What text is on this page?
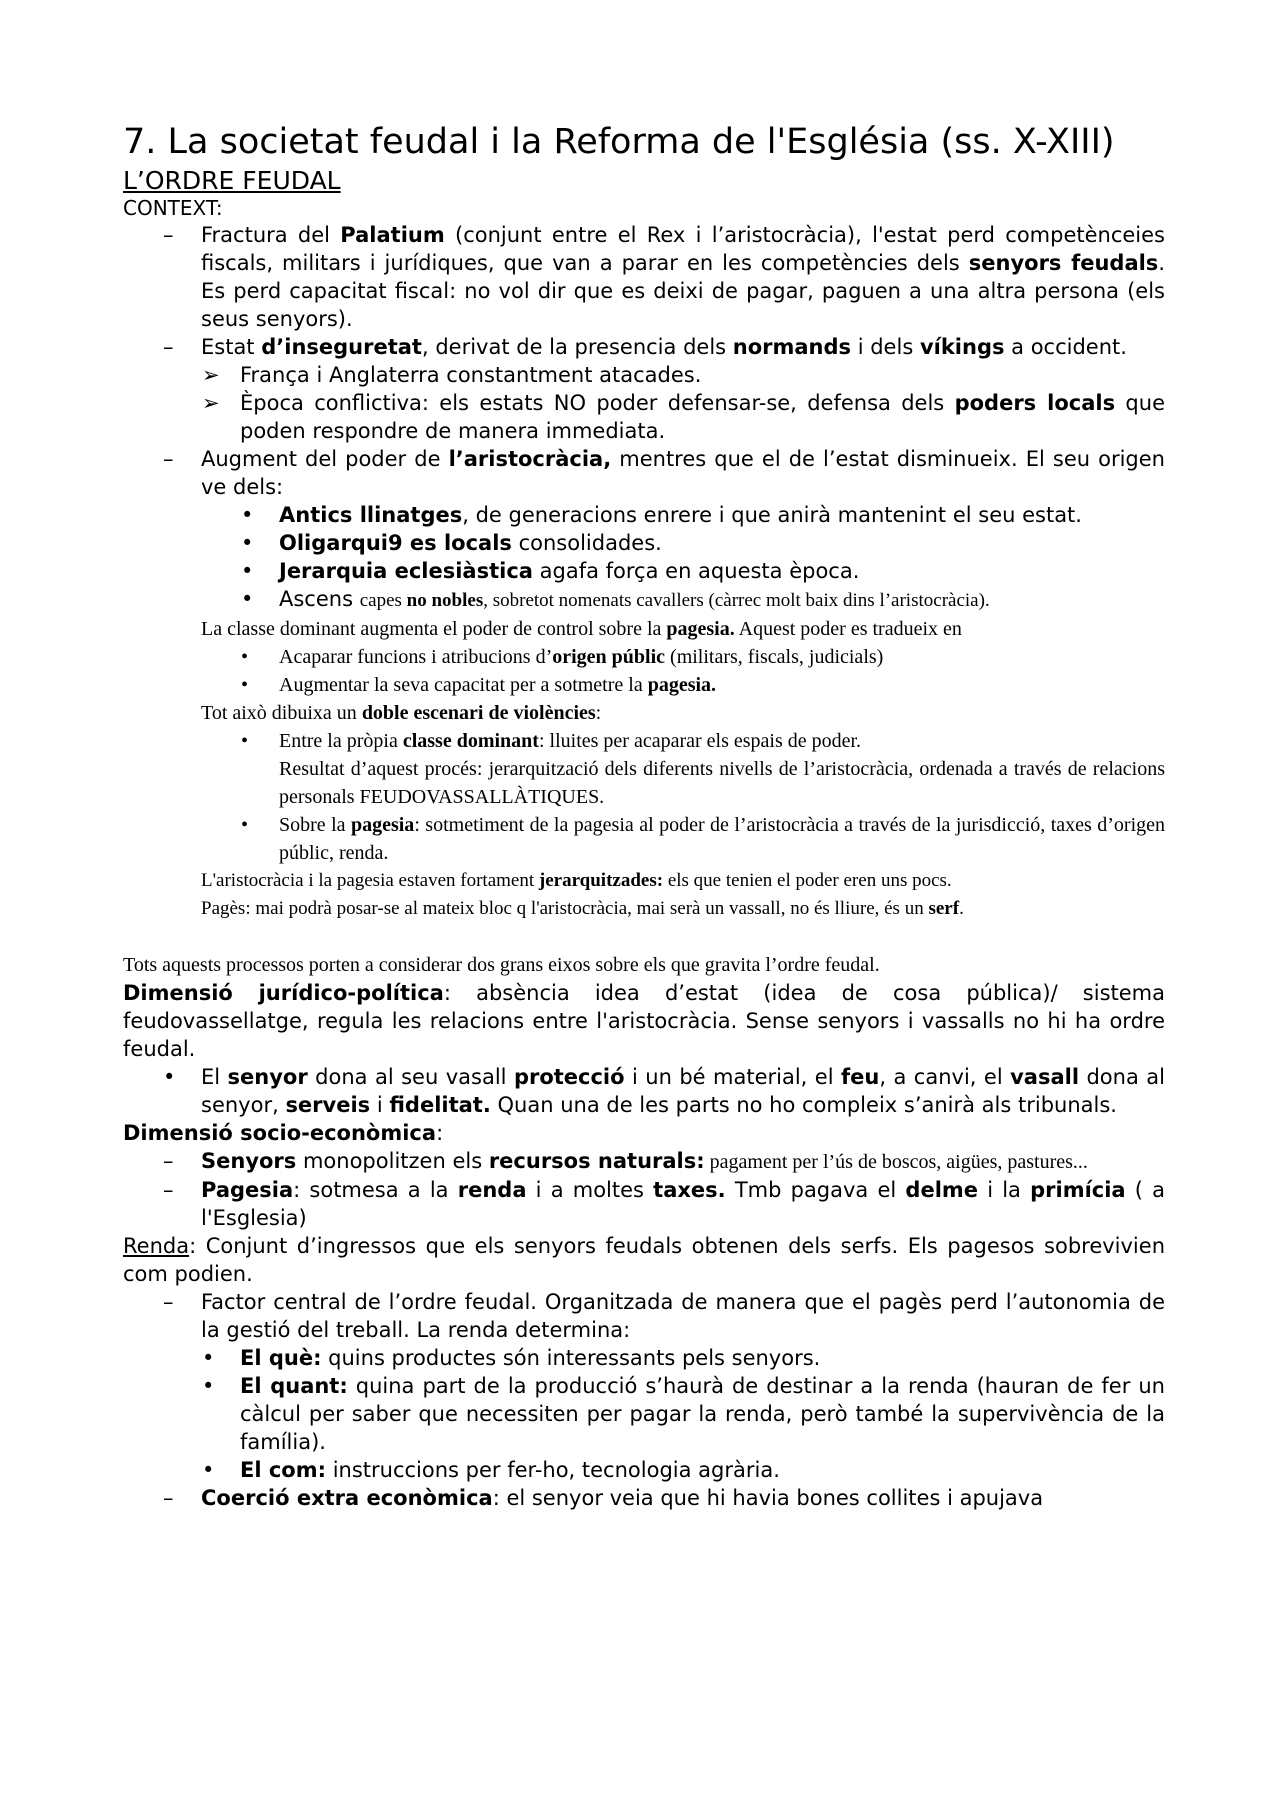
7. La societat feudal i la Reforma de l'Església (ss. X-XIII)
L’ORDRE FEUDAL
CONTEXT:
– Fractura del Palatium (conjunt entre el Rex i l’aristocràcia), l'estat perd competènceies fiscals, militars i jurídiques, que van a parar en les competències dels senyors feudals. Es perd capacitat fiscal: no vol dir que es deixi de pagar, paguen a una altra persona (els seus senyors).
– Estat d’inseguretat, derivat de la presencia dels normands i dels víkings a occident.
➢ França i Anglaterra constantment atacades.
➢ Època conflictiva: els estats NO poder defensar-se, defensa dels poders locals que poden respondre de manera immediata.
– Augment del poder de l’aristocràcia, mentres que el de l’estat disminueix. El seu origen ve dels:
• Antics llinatges, de generacions enrere i que anirà mantenint el seu estat.
• Oligarqui9 es locals consolidades.
• Jerarquia eclesiàstica agafa força en aquesta època.
• Ascens capes no nobles, sobretot nomenats cavallers (càrrec molt baix dins l’aristocràcia).
La classe dominant augmenta el poder de control sobre la pagesia. Aquest poder es tradueix en
• Acaparar funcions i atribucions d’origen públic (militars, fiscals, judicials)
• Augmentar la seva capacitat per a sotmetre la pagesia.
Tot això dibuixa un doble escenari de violències:
• Entre la pròpia classe dominant: lluites per acaparar els espais de poder.
Resultat d’aquest procés: jerarquització dels diferents nivells de l’aristocràcia, ordenada a través de relacions personals FEUDOVASSALLÀTIQUES.
• Sobre la pagesia: sotmetiment de la pagesia al poder de l’aristocràcia a través de la jurisdicció, taxes d’origen públic, renda.
L'aristocràcia i la pagesia estaven fortament jerarquitzades: els que tenien el poder eren uns pocs.
Pagès: mai podrà posar-se al mateix bloc q l'aristocràcia, mai serà un vassall, no és lliure, és un serf.
Tots aquests processos porten a considerar dos grans eixos sobre els que gravita l’ordre feudal.
Dimensió jurídico-política: absència idea d’estat (idea de cosa pública)/ sistema feudovassellatge, regula les relacions entre l'aristocràcia. Sense senyors i vassalls no hi ha ordre feudal.
• El senyor dona al seu vasall protecció i un bé material, el feu, a canvi, el vasall dona al senyor, serveis i fidelitat. Quan una de les parts no ho compleix s’anirà als tribunals.
Dimensió socio-econòmica:
– Senyors monopolitzen els recursos naturals: pagament per l’ús de boscos, aigües, pastures...
– Pagesia: sotmesa a la renda i a moltes taxes. Tmb pagava el delme i la primícia ( a l'Esglesia)
Renda: Conjunt d’ingressos que els senyors feudals obtenen dels serfs. Els pagesos sobrevivien com podien.
– Factor central de l’ordre feudal. Organitzada de manera que el pagès perd l’autonomia de la gestió del treball. La renda determina:
• El què: quins productes són interessants pels senyors.
• El quant: quina part de la producció s’haurà de destinar a la renda (hauran de fer un càlcul per saber que necessiten per pagar la renda, però també la supervivència de la família).
• El com: instruccions per fer-ho, tecnologia agrària.
– Coerció extra econòmica: el senyor veia que hi havia bones collites i apujava
